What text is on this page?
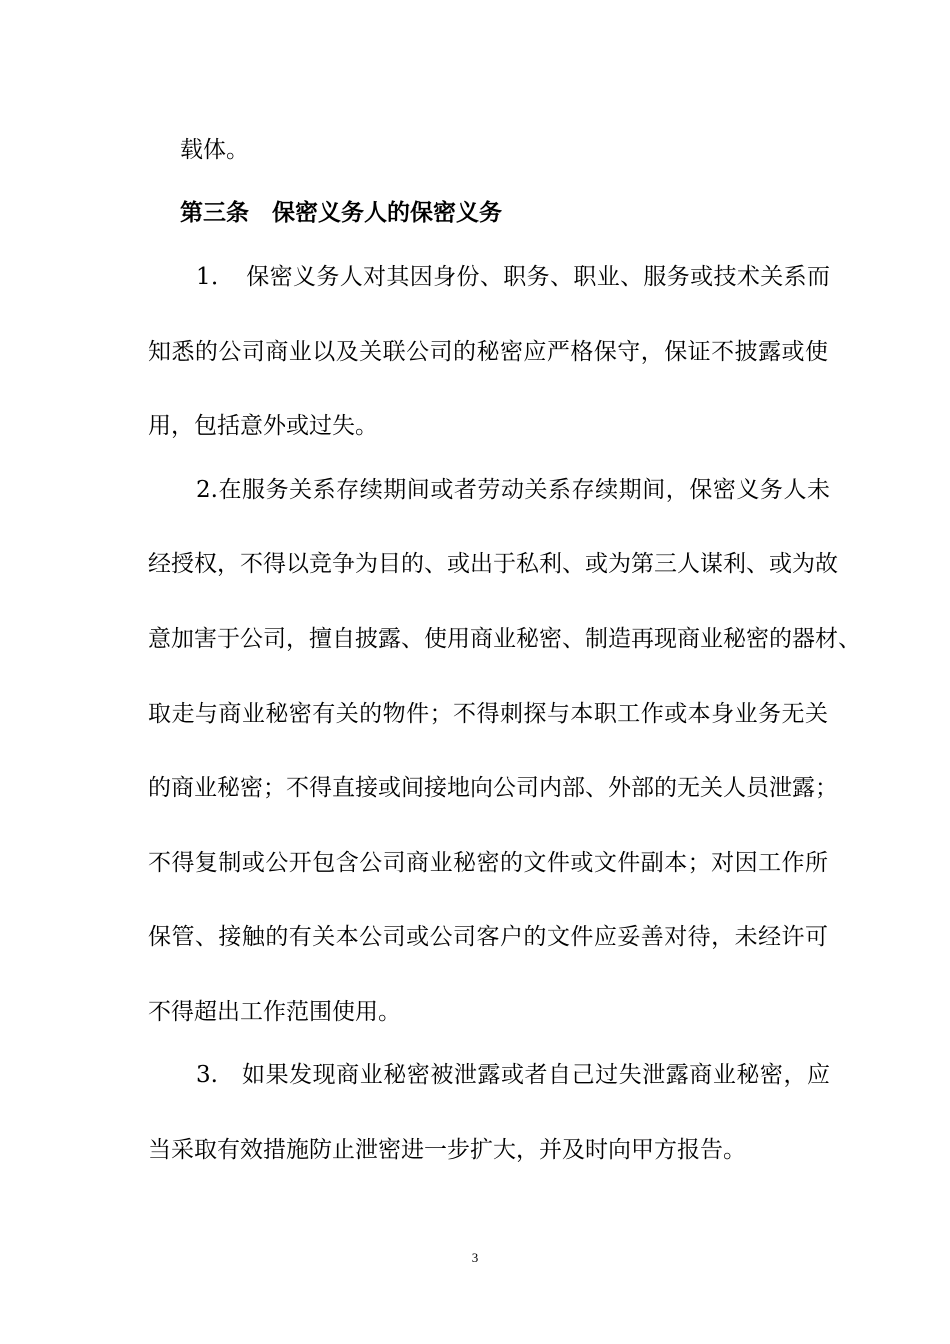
载体。

第三条　保密义务人的保密义务

1．　保密义务人对其因身份、职务、职业、服务或技术关系而

知悉的公司商业以及关联公司的秘密应严格保守，保证不披露或使

用，包括意外或过失。

2.在服务关系存续期间或者劳动关系存续期间，保密义务人未

经授权，不得以竞争为目的、或出于私利、或为第三人谋利、或为故

意加害于公司，擅自披露、使用商业秘密、制造再现商业秘密的器材、

取走与商业秘密有关的物件；不得刺探与本职工作或本身业务无关

的商业秘密；不得直接或间接地向公司内部、外部的无关人员泄露；

不得复制或公开包含公司商业秘密的文件或文件副本；对因工作所

保管、接触的有关本公司或公司客户的文件应妥善对待，未经许可

不得超出工作范围使用。

3.　如果发现商业秘密被泄露或者自己过失泄露商业秘密，应

当采取有效措施防止泄密进一步扩大，并及时向甲方报告。

3
